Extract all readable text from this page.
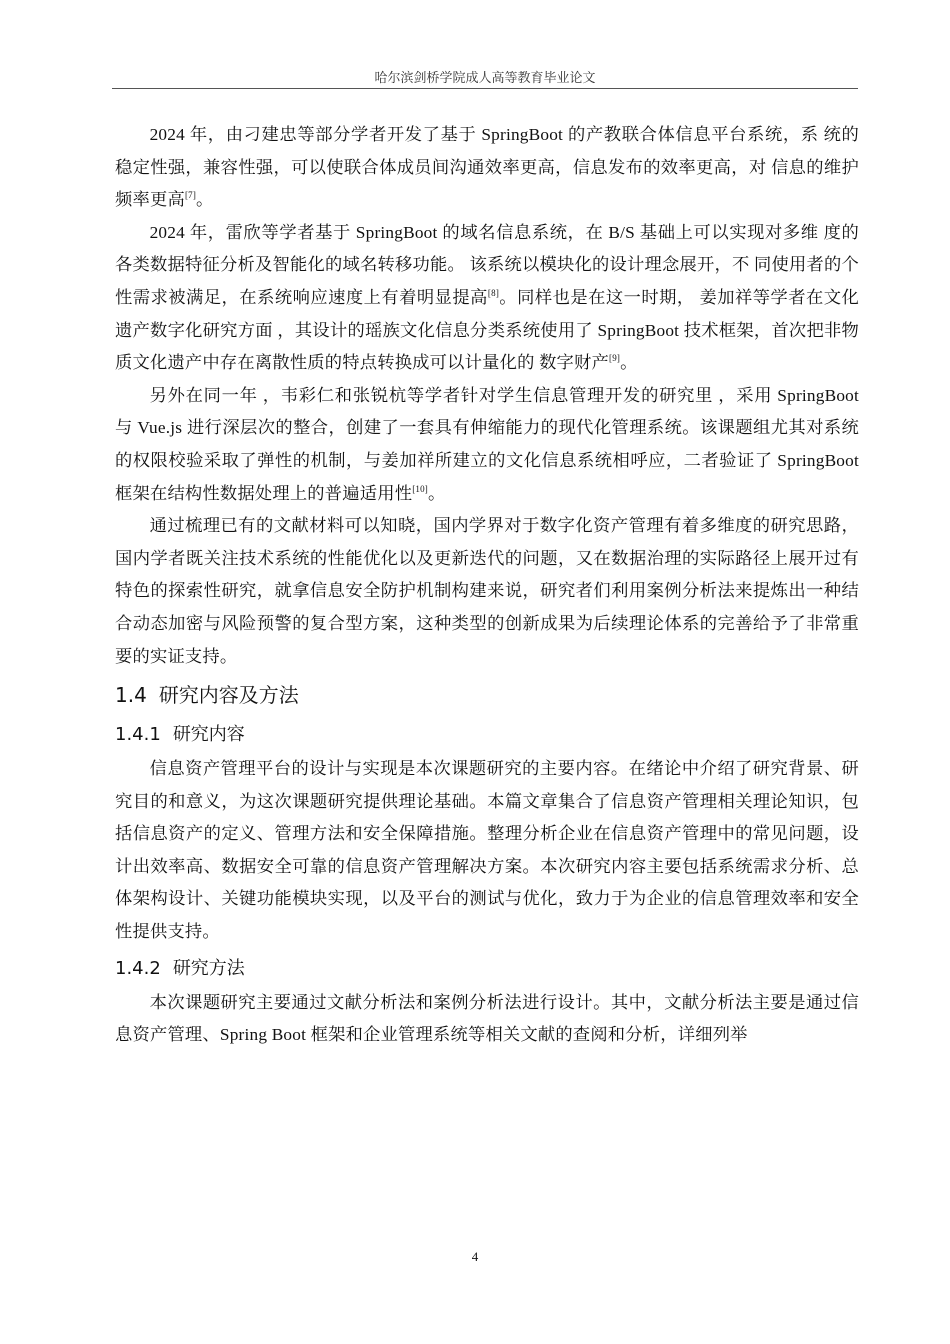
哈尔滨剑桥学院成人高等教育毕业论文

2024 年，由刁建忠等部分学者开发了基于 SpringBoot 的产教联合体信息平台系统，系 统的稳定性强，兼容性强，可以使联合体成员间沟通效率更高，信息发布的效率更高，对 信息的维护频率更高[7]。

2024 年，雷欣等学者基于 SpringBoot 的域名信息系统，在 B/S 基础上可以实现对多维 度的各类数据特征分析及智能化的域名转移功能。 该系统以模块化的设计理念展开，不 同使用者的个性需求被满足，在系统响应速度上有着明显提高[8]。同样也是在这一时期， 姜加祥等学者在文化遗产数字化研究方面 ，其设计的瑶族文化信息分类系统使用了 SpringBoot 技术框架，首次把非物质文化遗产中存在离散性质的特点转换成可以计量化的 数字财产[9]。

另外在同一年 ，韦彩仁和张锐杭等学者针对学生信息管理开发的研究里 ，采用 SpringBoot 与 Vue.js 进行深层次的整合，创建了一套具有伸缩能力的现代化管理系统。该课题组尤其对系统的权限校验采取了弹性的机制，与姜加祥所建立的文化信息系统相呼应，二者验证了 SpringBoot 框架在结构性数据处理上的普遍适用性[10]。

通过梳理已有的文献材料可以知晓，国内学界对于数字化资产管理有着多维度的研究思路，国内学者既关注技术系统的性能优化以及更新迭代的问题，又在数据治理的实际路径上展开过有特色的探索性研究，就拿信息安全防护机制构建来说，研究者们利用案例分析法来提炼出一种结合动态加密与风险预警的复合型方案，这种类型的创新成果为后续理论体系的完善给予了非常重要的实证支持。

1.4 研究内容及方法
1.4.1 研究内容

信息资产管理平台的设计与实现是本次课题研究的主要内容。在绪论中介绍了研究背景、研究目的和意义，为这次课题研究提供理论基础。本篇文章集合了信息资产管理相关理论知识，包括信息资产的定义、管理方法和安全保障措施。整理分析企业在信息资产管理中的常见问题，设计出效率高、数据安全可靠的信息资产管理解决方案。本次研究内容主要包括系统需求分析、总体架构设计、关键功能模块实现，以及平台的测试与优化，致力于为企业的信息管理效率和安全性提供支持。

1.4.2 研究方法

本次课题研究主要通过文献分析法和案例分析法进行设计。其中，文献分析法主要是通过信息资产管理、Spring Boot 框架和企业管理系统等相关文献的查阅和分析，详细列举

4
